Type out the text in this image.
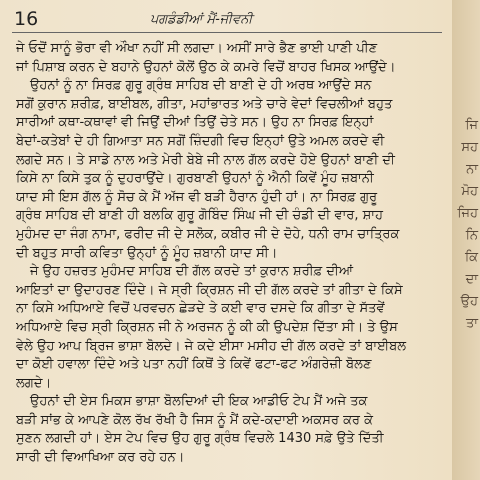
16	ਪਗਡੰਡੀਆਂ ਮੈਂ-ਜੀਵਨੀ
ਜੇ ਓਦੋਂ ਸਾਨੂੰ ਭੋਰਾ ਵੀ ਔਖਾ ਨਹੀਂ ਸੀ ਲਗਦਾ। ਅਸੀਂ ਸਾਰੇ ਭੈਣ ਭਾਈ ਪਾਣੀ ਪੀਣ
ਜਾਂ ਪਿਸ਼ਾਬ ਕਰਨ ਦੇ ਬਹਾਨੇ ਉਹਨਾਂ ਕੋਲੋਂ ਉਠ ਕੇ ਕਮਰੇ ਵਿਚੋਂ ਬਾਹਰ ਖਿਸਕ ਆਉਂਦੇ।
ਉਹਨਾਂ ਨੂੰ ਨਾ ਸਿਰਫ਼ ਗੁਰੂ ਗ੍ਰੰਥ ਸਾਹਿਬ ਦੀ ਬਾਣੀ ਦੇ ਹੀ ਅਰਥ ਆਉਂਦੇ ਸਨ
ਸਗੋਂ ਕੁਰਾਨ ਸ਼ਰੀਫ਼, ਬਾਈਬਲ, ਗੀਤਾ, ਮਹਾਂਭਾਰਤ ਅਤੇ ਚਾਰੇ ਵੇਦਾਂ ਵਿਚਲੀਆਂ ਬਹੁਤ
ਸਾਰੀਆਂ ਕਥਾ-ਕਥਾਵਾਂ ਵੀ ਜਿਉਂ ਦੀਆਂ ਤਿਉਂ ਚੇਤੇ ਸਨ। ਉਹ ਨਾ ਸਿਰਫ਼ ਇਨ੍ਹਾਂ
ਬੇਦਾਂ-ਕਤੇਬਾਂ ਦੇ ਹੀ ਗਿਆਤਾ ਸਨ ਸਗੋਂ ਜ਼ਿੰਦਗੀ ਵਿਚ ਇਨ੍ਹਾਂ ਉਤੇ ਅਮਲ ਕਰਦੇ ਵੀ
ਲਗਦੇ ਸਨ। ਤੇ ਸਾਡੇ ਨਾਲ ਅਤੇ ਮੇਰੀ ਬੇਬੇ ਜੀ ਨਾਲ ਗੱਲ ਕਰਦੇ ਹੋਏ ਉਹਨਾਂ ਬਾਣੀ ਦੀ
ਕਿਸੇ ਨਾ ਕਿਸੇ ਤੁਕ ਨੂੰ ਦੁਹਰਾਉਂਦੇ। ਗੁਰਬਾਣੀ ਉਹਨਾਂ ਨੂੰ ਐਨੀ ਕਿਵੇਂ ਮੂੰਹ ਜ਼ਬਾਨੀ
ਯਾਦ ਸੀ ਇਸ ਗੱਲ ਨੂੰ ਸੋਚ ਕੇ ਮੈਂ ਅੱਜ ਵੀ ਬੜੀ ਹੈਰਾਨ ਹੁੰਦੀ ਹਾਂ। ਨਾ ਸਿਰਫ਼ ਗੁਰੂ
ਗ੍ਰੰਥ ਸਾਹਿਬ ਦੀ ਬਾਣੀ ਹੀ ਬਲਕਿ ਗੁਰੂ ਗੋਬਿੰਦ ਸਿੰਘ ਜੀ ਦੀ ਚੰਡੀ ਦੀ ਵਾਰ, ਸ਼ਾਹ
ਮੁਹੰਮਦ ਦਾ ਜੰਗ ਨਾਮਾ, ਫਰੀਦ ਜੀ ਦੇ ਸਲੋਕ, ਕਬੀਰ ਜੀ ਦੇ ਦੋਹੇ, ਧਨੀ ਰਾਮ ਚਾਤ੍ਰਿਕ
ਦੀ ਬਹੁਤ ਸਾਰੀ ਕਵਿਤਾ ਉਨ੍ਹਾਂ ਨੂੰ ਮੂੰਹ ਜ਼ਬਾਨੀ ਯਾਦ ਸੀ।
ਜੇ ਉਹ ਹਜ਼ਰਤ ਮੁਹੰਮਦ ਸਾਹਿਬ ਦੀ ਗੱਲ ਕਰਦੇ ਤਾਂ ਕੁਰਾਨ ਸ਼ਰੀਫ਼ ਦੀਆਂ
ਆਇਤਾਂ ਦਾ ਉਦਾਹਰਣ ਦਿੰਦੇ। ਜੇ ਸ੍ਰੀ ਕ੍ਰਿਸ਼ਨ ਜੀ ਦੀ ਗੱਲ ਕਰਦੇ ਤਾਂ ਗੀਤਾ ਦੇ ਕਿਸੇ
ਨਾ ਕਿਸੇ ਅਧਿਆਏ ਵਿਚੋਂ ਪਰਵਚਨ ਛੇੜਦੇ ਤੇ ਕਈ ਵਾਰ ਦਸਦੇ ਕਿ ਗੀਤਾ ਦੇ ਸੱਤਵੇਂ
ਅਧਿਆਏ ਵਿਚ ਸ੍ਰੀ ਕ੍ਰਿਸ਼ਨ ਜੀ ਨੇ ਅਰਜਨ ਨੂੰ ਕੀ ਕੀ ਉਪਦੇਸ਼ ਦਿੱਤਾ ਸੀ। ਤੇ ਉਸ
ਵੇਲੇ ਉਹ ਆਪ ਬ੍ਰਿਜ ਭਾਸ਼ਾ ਬੋਲਦੇ। ਜੇ ਕਦੇ ਈਸਾ ਮਸੀਹ ਦੀ ਗੱਲ ਕਰਦੇ ਤਾਂ ਬਾਈਬਲ
ਦਾ ਕੋਈ ਹਵਾਲਾ ਦਿੰਦੇ ਅਤੇ ਪਤਾ ਨਹੀਂ ਕਿਥੋਂ ਤੇ ਕਿਵੇਂ ਫਟਾ-ਫਟ ਅੰਗਰੇਜ਼ੀ ਬੋਲਣ
ਲਗਦੇ।
ਉਹਨਾਂ ਦੀ ਏਸ ਮਿਕਸ ਭਾਸ਼ਾ ਬੋਲਦਿਆਂ ਦੀ ਇਕ ਆਡੀਓ ਟੇਪ ਮੈਂ ਅਜੇ ਤਕ
ਬੜੀ ਸਾਂਭ ਕੇ ਆਪਣੇ ਕੋਲ ਰੱਖ ਰੱਖੀ ਹੈ ਜਿਸ ਨੂੰ ਮੈਂ ਕਦੇ-ਕਦਾਈ ਅਕਸਰ ਕਰ ਕੇ
ਸੁਣਨ ਲਗਦੀ ਹਾਂ। ਏਸ ਟੇਪ ਵਿਚ ਉਹ ਗੁਰੂ ਗ੍ਰੰਥ ਵਿਚਲੇ 1430 ਸਫ਼ੇ ਉਤੇ ਦਿੱਤੀ
ਸਾਰੀ ਦੀ ਵਿਆਖਿਆ ਕਰ ਰਹੇ ਹਨ।
ਜਿ
ਸਹ
ਨਾ
ਮੋਹ
ਜਿਹ
ਨਿ
ਕਿ
ਦਾ
ਉਹ
ਤਾ
